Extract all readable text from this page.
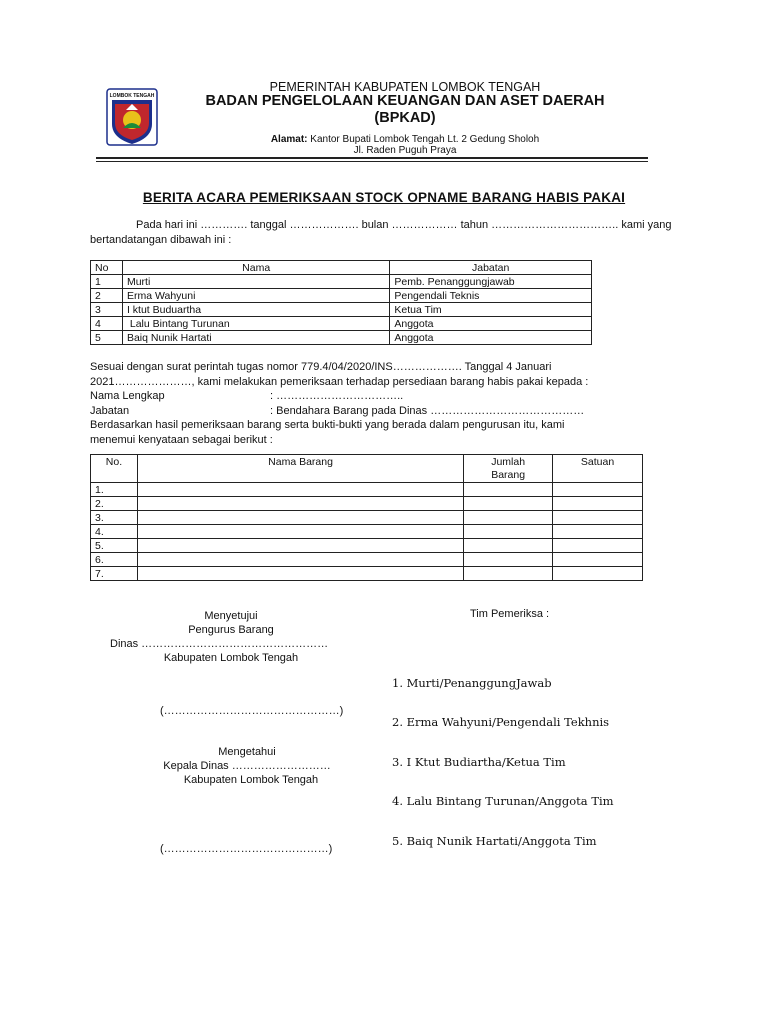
LOMBOK TENGAH
PEMERINTAH KABUPATEN LOMBOK TENGAH
BADAN PENGELOLAAN KEUANGAN DAN ASET DAERAH
(BPKAD)
Alamat: Kantor Bupati Lombok Tengah Lt. 2 Gedung Sholoh
Jl. Raden Puguh Praya
BERITA ACARA PEMERIKSAAN STOCK OPNAME BARANG HABIS PAKAI
Pada hari ini …………. tanggal ………………. bulan ……………… tahun …………………………….. kami yang
bertandatangan dibawah ini :
No	Nama	Jabatan
1	Murti	Pemb. Penanggungjawab
2	Erma Wahyuni	Pengendali Teknis
3	I ktut Buduartha	Ketua Tim
4	Lalu Bintang Turunan	Anggota
5	Baiq Nunik Hartati	Anggota
Sesuai dengan surat perintah tugas nomor 779.4/04/2020/INS………………. Tanggal 4 Januari
2021…………………, kami melakukan pemeriksaan terhadap persediaan barang habis pakai kepada :
Nama Lengkap	: ……………………………..
Jabatan	: Bendahara Barang pada Dinas ……………………………………
Berdasarkan hasil pemeriksaan barang serta bukti-bukti yang berada dalam pengurusan itu, kami
menemui kenyataan sebagai berikut :
No.	Nama Barang	Jumlah Barang	Satuan
1.			
2.			
3.			
4.			
5.			
6.			
7.			
Menyetujui
Pengurus Barang
Dinas ……………………………………………
Kabupaten Lombok Tengah
(…………………………………………)
Mengetahui
Kepala Dinas ………………………
Kabupaten Lombok Tengah
(………………………………………)
Tim Pemeriksa :
1. Murti/PenanggungJawab
2. Erma Wahyuni/Pengendali Tekhnis
3. I Ktut Budiartha/Ketua Tim
4. Lalu Bintang Turunan/Anggota Tim
5. Baiq Nunik Hartati/Anggota Tim
